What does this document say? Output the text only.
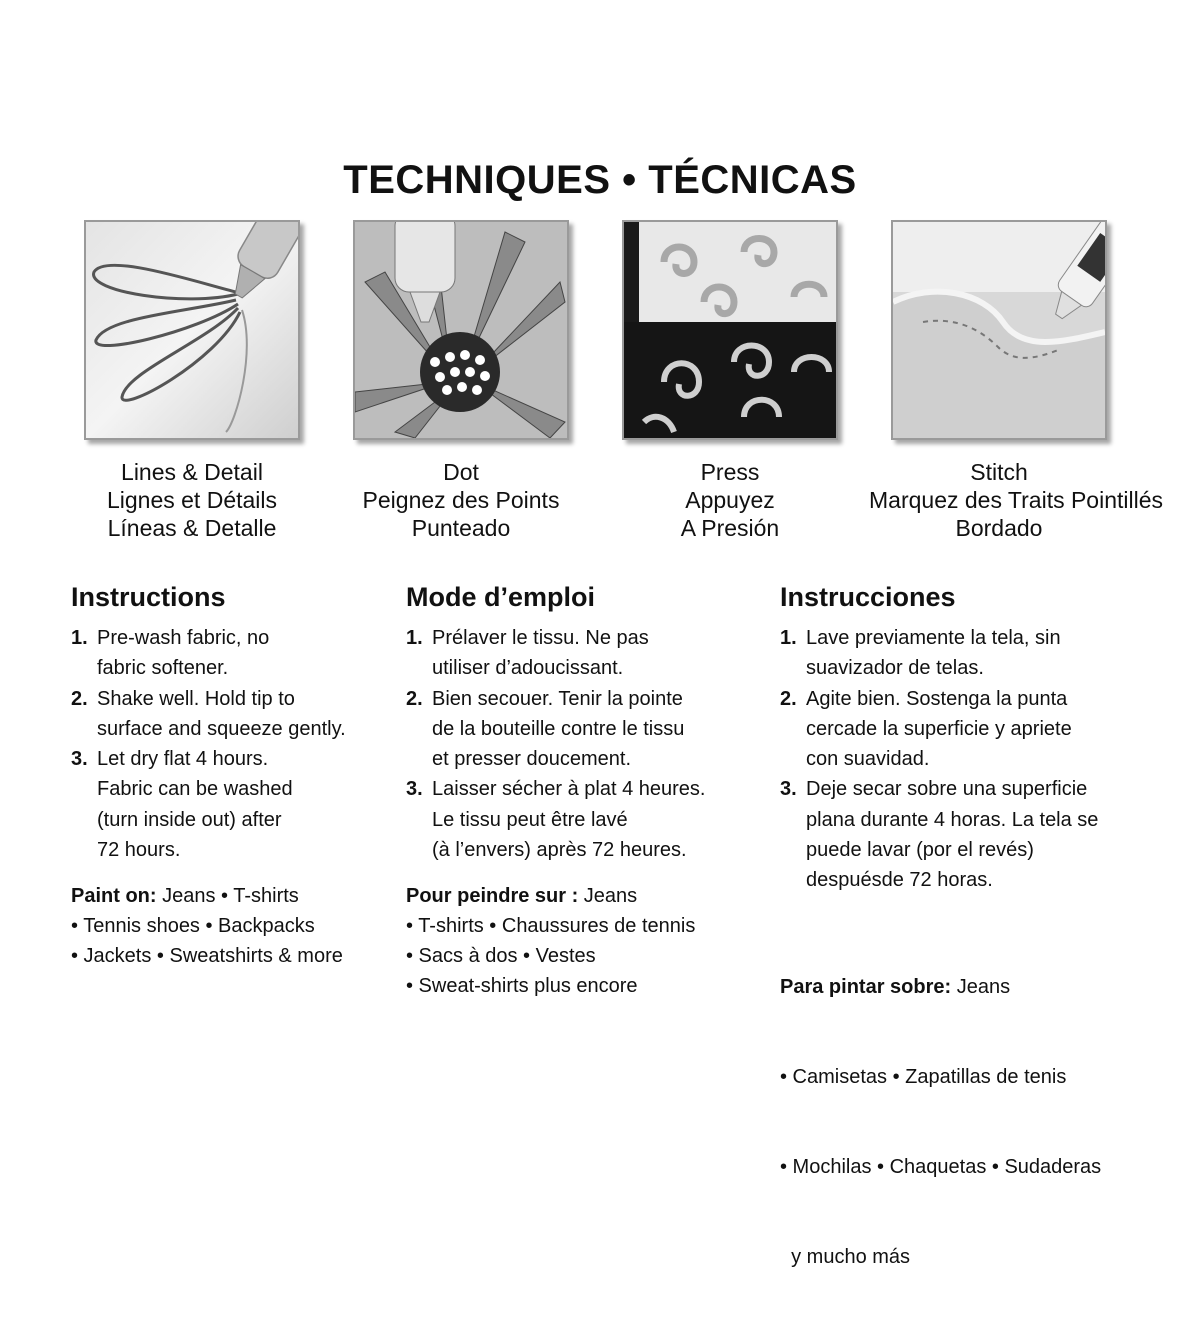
TECHNIQUES • TÉCNICAS
Lines & Detail
Lignes et Détails
Líneas & Detalle
Dot
Peignez des Points
Punteado
Press
Appuyez
A Presión
Stitch
Marquez des Traits Pointillés
Bordado
Instructions
1. Pre-wash fabric, no
fabric softener.
2. Shake well. Hold tip to
surface and squeeze gently.
3. Let dry flat 4 hours.
Fabric can be washed
(turn inside out) after
72 hours.
Paint on: Jeans • T-shirts
• Tennis shoes • Backpacks
• Jackets • Sweatshirts & more
Mode d’emploi
1. Prélaver le tissu. Ne pas
utiliser d’adoucissant.
2. Bien secouer. Tenir la pointe
de la bouteille contre le tissu
et presser doucement.
3. Laisser sécher à plat 4 heures.
Le tissu peut être lavé
(à l’envers) après 72 heures.
Pour peindre sur : Jeans
• T-shirts • Chaussures de tennis
• Sacs à dos • Vestes
• Sweat-shirts plus encore
Instrucciones
1. Lave previamente la tela, sin
suavizador de telas.
2. Agite bien. Sostenga la punta
cercade la superficie y apriete
con suavidad.
3. Deje secar sobre una superficie
plana durante 4 horas. La tela se
puede lavar (por el revés)
despuésde 72 horas.

Para pintar sobre: Jeans

• Camisetas • Zapatillas de tenis

• Mochilas • Chaquetas • Sudaderas

y mucho más
